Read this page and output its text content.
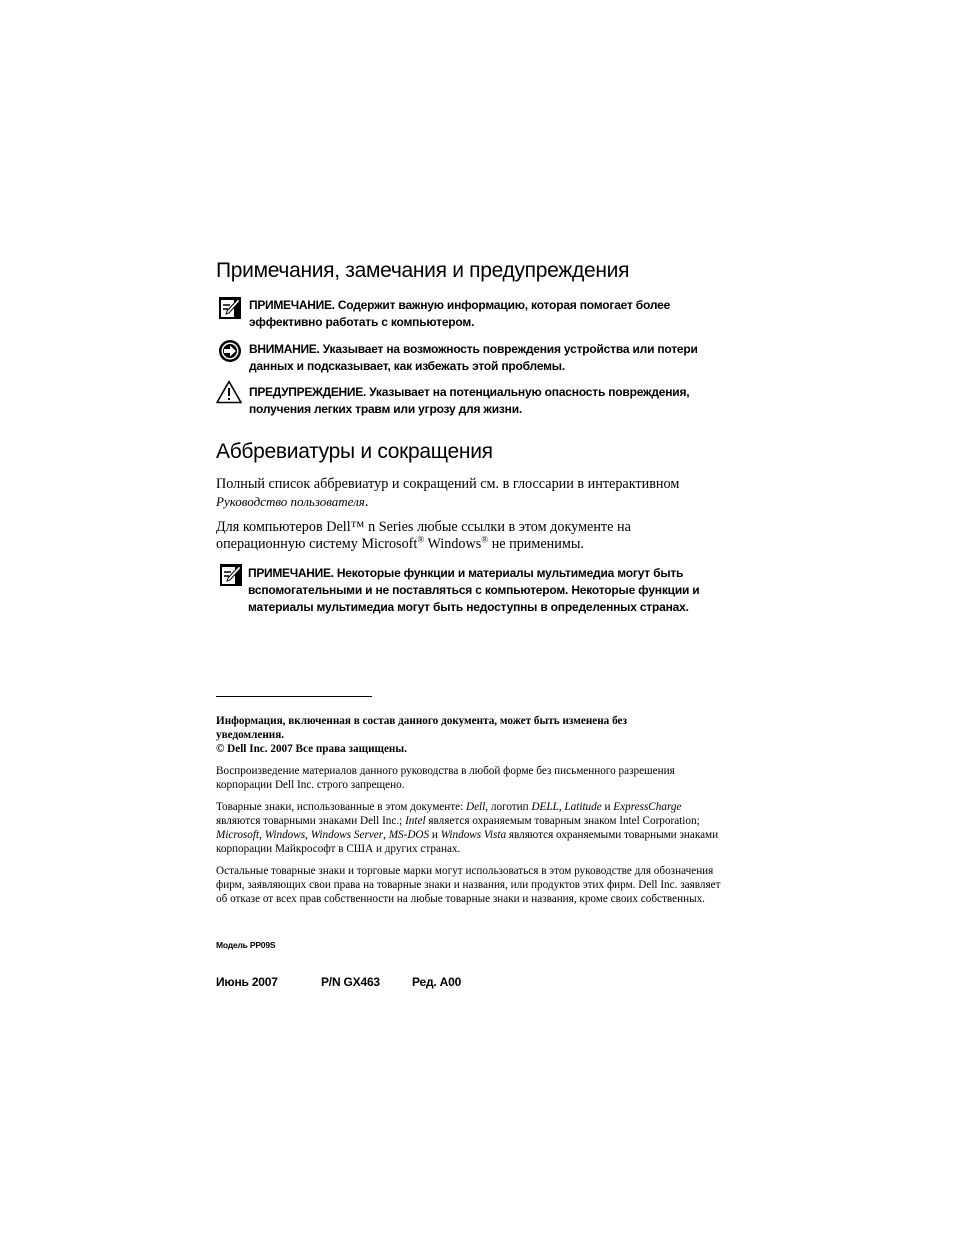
Примечания, замечания и предупреждения
ПРИМЕЧАНИЕ. Содержит важную информацию, которая помогает более эффективно работать с компьютером.
ВНИМАНИЕ. Указывает на возможность повреждения устройства или потери данных и подсказывает, как избежать этой проблемы.
ПРЕДУПРЕЖДЕНИЕ. Указывает на потенциальную опасность повреждения, получения легких травм или угрозу для жизни.
Аббревиатуры и сокращения
Полный список аббревиатур и сокращений см. в глоссарии в интерактивном
Руководство пользователя.
Для компьютеров Dell™ n Series любые ссылки в этом документе на
операционную систему Microsoft® Windows® не применимы.
ПРИМЕЧАНИЕ. Некоторые функции и материалы мультимедиа могут быть вспомогательными и не поставляться с компьютером. Некоторые функции и материалы мультимедиа могут быть недоступны в определенных странах.
Информация, включенная в состав данного документа, может быть изменена без уведомления.
© Dell Inc. 2007 Все права защищены.
Воспроизведение материалов данного руководства в любой форме без письменного разрешения корпорации Dell Inc. строго запрещено.
Товарные знаки, использованные в этом документе: Dell, логотип DELL, Latitude и ExpressCharge являются товарными знаками Dell Inc.; Intel является охраняемым товарным знаком Intel Corporation; Microsoft, Windows, Windows Server, MS-DOS и Windows Vista являются охраняемыми товарными знаками корпорации Майкрософт в США и других странах.
Остальные товарные знаки и торговые марки могут использоваться в этом руководстве для обозначения фирм, заявляющих свои права на товарные знаки и названия, или продуктов этих фирм. Dell Inc. заявляет об отказе от всех прав собственности на любые товарные знаки и названия, кроме своих собственных.
Модель PP09S
Июнь 2007	P/N GX463	Ред. A00
